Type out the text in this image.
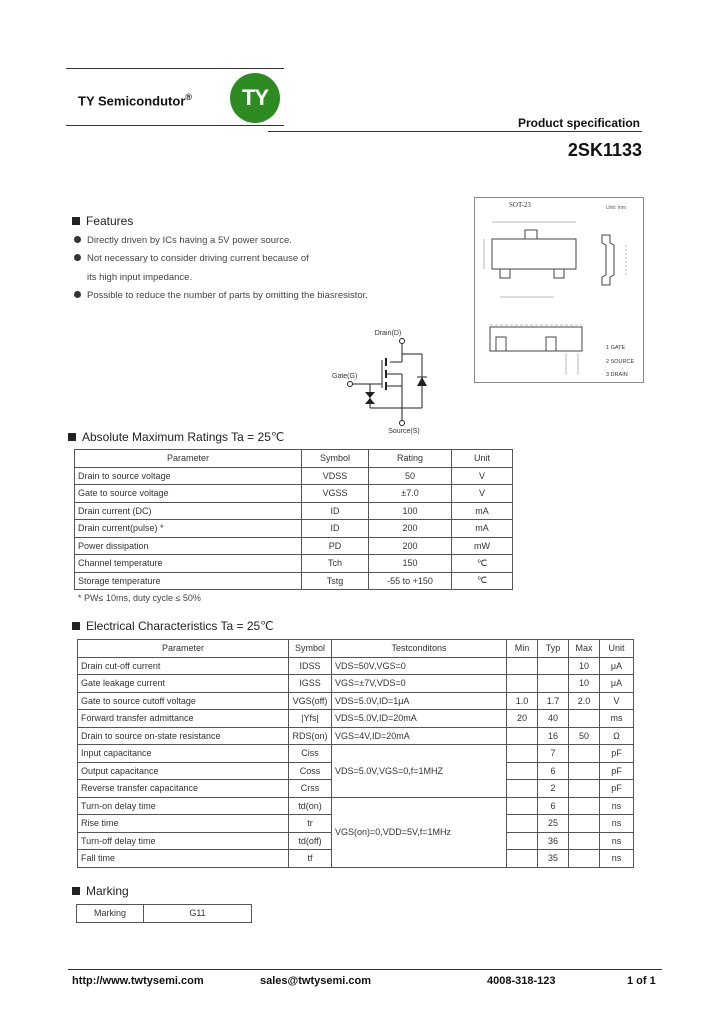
TY Semicondutor®	TY
Product specification
2SK1133
Features
Directly driven by ICs having a 5V power source.
Not necessary to consider driving current because of
its high input impedance.
Possible to reduce the number of parts by omitting the biasresistor.
SOT-23	Unit: mm
1 GATE
2 SOURCE
3 DRAIN
Drain(D)
Gate(G)
Source(S)
Absolute Maximum Ratings Ta = 25℃
Parameter	Symbol	Rating	Unit
Drain to source voltage	VDSS	50	V
Gate to source voltage	VGSS	±7.0	V
Drain current (DC)	ID	100	mA
Drain current(pulse) *	ID	200	mA
Power dissipation	PD	200	mW
Channel temperature	Tch	150	℃
Storage temperature	Tstg	-55 to +150	℃
* PW≤ 10ms, duty cycle ≤ 50%
Electrical Characteristics Ta = 25℃
Parameter	Symbol	Testconditons	Min	Typ	Max	Unit
Drain cut-off current	IDSS	VDS=50V,VGS=0			10	μA
Gate leakage current	IGSS	VGS=±7V,VDS=0			10	μA
Gate to source cutoff voltage	VGS(off)	VDS=5.0V,ID=1μA	1.0	1.7	2.0	V
Forward transfer admittance	|Yfs|	VDS=5.0V,ID=20mA	20	40		ms
Drain to source on-state resistance	RDS(on)	VGS=4V,ID=20mA		16	50	Ω
Input capacitance	Ciss	VDS=5.0V,VGS=0,f=1MHZ		7		pF
Output capacitance	Coss			6		pF
Reverse transfer capacitance	Crss			2		pF
Turn-on delay time	td(on)	VGS(on)=0,VDD=5V,f=1MHz		6		ns
Rise time	tr			25		ns
Turn-off delay time	td(off)			36		ns
Fall time	tf			35		ns
Marking
Marking	G11
http://www.twtysemi.com	sales@twtysemi.com	4008-318-123	1 of 1
